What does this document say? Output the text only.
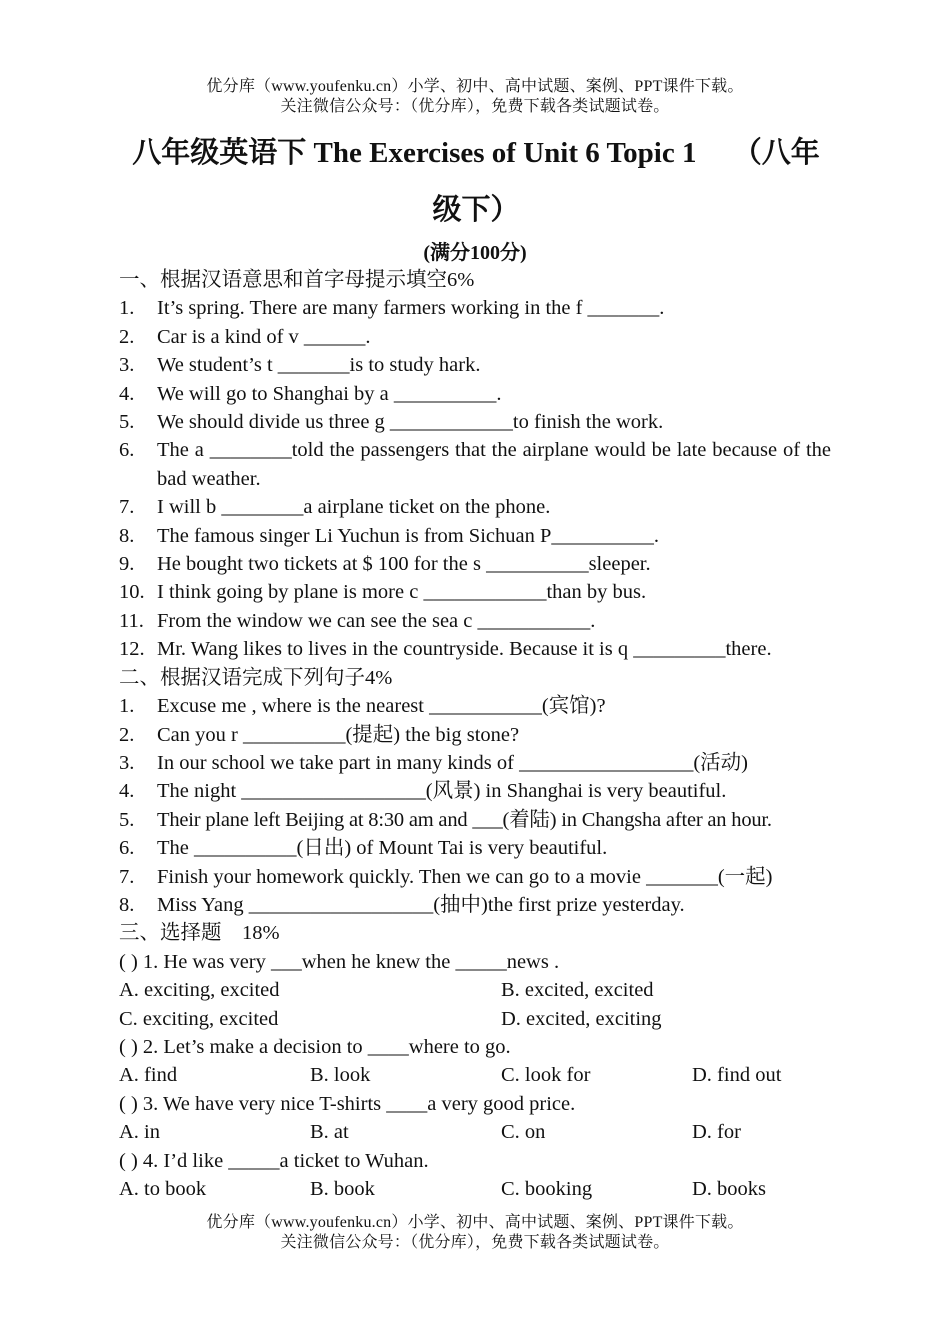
优分库（www.youfenku.cn）小学、初中、高中试题、案例、PPT课件下载。
关注微信公众号：（优分库），免费下载各类试题试卷。
八年级英语下 The Exercises of Unit 6 Topic 1　 （八年
级下）
(满分100分)
一、根据汉语意思和首字母提示填空6%
1.	It’s spring. There are many farmers working in the f _______.
2.	Car is a kind of v ______.
3.	We student’s t _______is to study hark.
4.	We will go to Shanghai by a __________.
5.	We should divide us three g ____________to finish the work.
6.	The a ________told the passengers that the airplane would be late because of the bad weather.
7.	I will b ________a airplane ticket on the phone.
8.	The famous singer Li Yuchun is from Sichuan P__________.
9.	He bought two tickets at $ 100 for the s __________sleeper.
10. I think going by plane is more c ____________than by bus.
11. From the window we can see the sea c ___________.
12. Mr. Wang likes to lives in the countryside. Because it is q _________there.
二、根据汉语完成下列句子4%
1.	Excuse me , where is the nearest ___________(宾馆)?
2.	Can you r __________(提起) the big stone?
3.	In our school we take part in many kinds of _________________(活动)
4.	The night __________________(风景) in Shanghai is very beautiful.
5.	Their plane left Beijing at 8:30 am and ___(着陆) in Changsha after an hour.
6.	The __________(日出) of Mount Tai is very beautiful.
7.	Finish your homework quickly. Then we can go to a movie _______(一起)
8.	Miss Yang __________________(抽中)the first prize yesterday.
三、选择题　18%
( ) 1. He was very ___when he knew the _____news .
A. exciting, excited	B. excited, excited
C. exciting, excited	D. excited, exciting
( ) 2. Let’s make a decision to ____where to go.
A. find	B. look	C. look for	D. find out
( ) 3. We have very nice T-shirts ____a very good price.
A. in	B. at	C. on	D. for
( ) 4. I’d like _____a ticket to Wuhan.
A. to book	B. book	C. booking	D. books
优分库（www.youfenku.cn）小学、初中、高中试题、案例、PPT课件下载。
关注微信公众号：（优分库），免费下载各类试题试卷。
